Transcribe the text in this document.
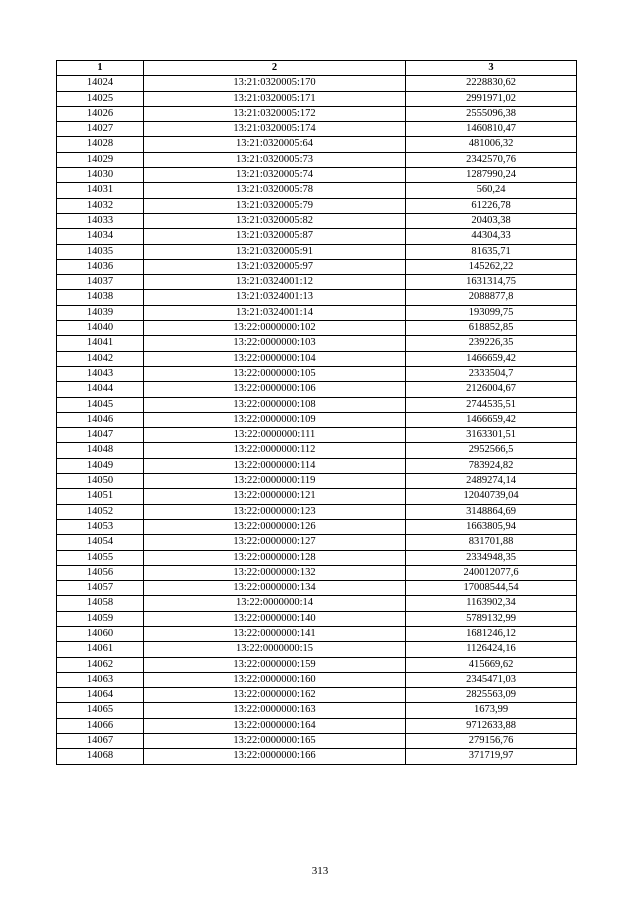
1	2	3
14024	13:21:0320005:170	2228830,62
14025	13:21:0320005:171	2991971,02
14026	13:21:0320005:172	2555096,38
14027	13:21:0320005:174	1460810,47
14028	13:21:0320005:64	481006,32
14029	13:21:0320005:73	2342570,76
14030	13:21:0320005:74	1287990,24
14031	13:21:0320005:78	560,24
14032	13:21:0320005:79	61226,78
14033	13:21:0320005:82	20403,38
14034	13:21:0320005:87	44304,33
14035	13:21:0320005:91	81635,71
14036	13:21:0320005:97	145262,22
14037	13:21:0324001:12	1631314,75
14038	13:21:0324001:13	2088877,8
14039	13:21:0324001:14	193099,75
14040	13:22:0000000:102	618852,85
14041	13:22:0000000:103	239226,35
14042	13:22:0000000:104	1466659,42
14043	13:22:0000000:105	2333504,7
14044	13:22:0000000:106	2126004,67
14045	13:22:0000000:108	2744535,51
14046	13:22:0000000:109	1466659,42
14047	13:22:0000000:111	3163301,51
14048	13:22:0000000:112	2952566,5
14049	13:22:0000000:114	783924,82
14050	13:22:0000000:119	2489274,14
14051	13:22:0000000:121	12040739,04
14052	13:22:0000000:123	3148864,69
14053	13:22:0000000:126	1663805,94
14054	13:22:0000000:127	831701,88
14055	13:22:0000000:128	2334948,35
14056	13:22:0000000:132	240012077,6
14057	13:22:0000000:134	17008544,54
14058	13:22:0000000:14	1163902,34
14059	13:22:0000000:140	5789132,99
14060	13:22:0000000:141	1681246,12
14061	13:22:0000000:15	1126424,16
14062	13:22:0000000:159	415669,62
14063	13:22:0000000:160	2345471,03
14064	13:22:0000000:162	2825563,09
14065	13:22:0000000:163	1673,99
14066	13:22:0000000:164	9712633,88
14067	13:22:0000000:165	279156,76
14068	13:22:0000000:166	371719,97
313
